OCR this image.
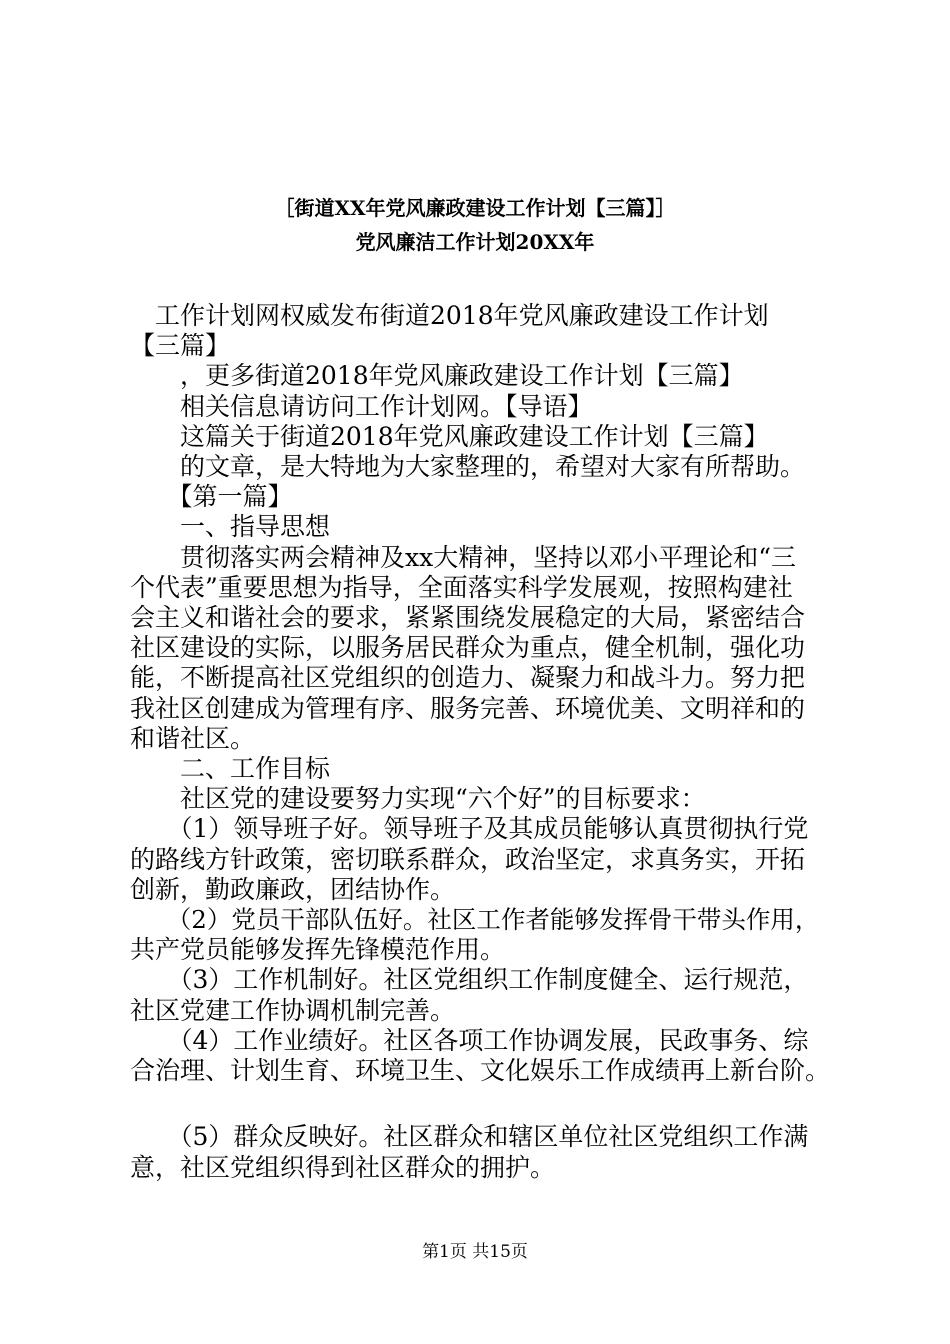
［街道XX年党风廉政建设工作计划【三篇】］
党风廉洁工作计划20XX年
　工作计划网权威发布街道2018年党风廉政建设工作计划
【三篇】
　　，更多街道2018年党风廉政建设工作计划【三篇】
　　相关信息请访问工作计划网。【导语】
　　这篇关于街道2018年党风廉政建设工作计划【三篇】
　　的文章，是大特地为大家整理的，希望对大家有所帮助。
　　【第一篇】
　　一、指导思想
　　贯彻落实两会精神及xx大精神，坚持以邓小平理论和“三
个代表”重要思想为指导，全面落实科学发展观，按照构建社
会主义和谐社会的要求，紧紧围绕发展稳定的大局，紧密结合
社区建设的实际，以服务居民群众为重点，健全机制，强化功
能，不断提高社区党组织的创造力、凝聚力和战斗力。努力把
我社区创建成为管理有序、服务完善、环境优美、文明祥和的
和谐社区。
　　二、工作目标
　　社区党的建设要努力实现“六个好”的目标要求：
　　（1）领导班子好。领导班子及其成员能够认真贯彻执行党
的路线方针政策，密切联系群众，政治坚定，求真务实，开拓
创新，勤政廉政，团结协作。
　　（2）党员干部队伍好。社区工作者能够发挥骨干带头作用，
共产党员能够发挥先锋模范作用。
　　（3）工作机制好。社区党组织工作制度健全、运行规范，
社区党建工作协调机制完善。
　　（4）工作业绩好。社区各项工作协调发展，民政事务、综
合治理、计划生育、环境卫生、文化娱乐工作成绩再上新台阶。
　　（5）群众反映好。社区群众和辖区单位社区党组织工作满
意，社区党组织得到社区群众的拥护。
第1页 共15页
